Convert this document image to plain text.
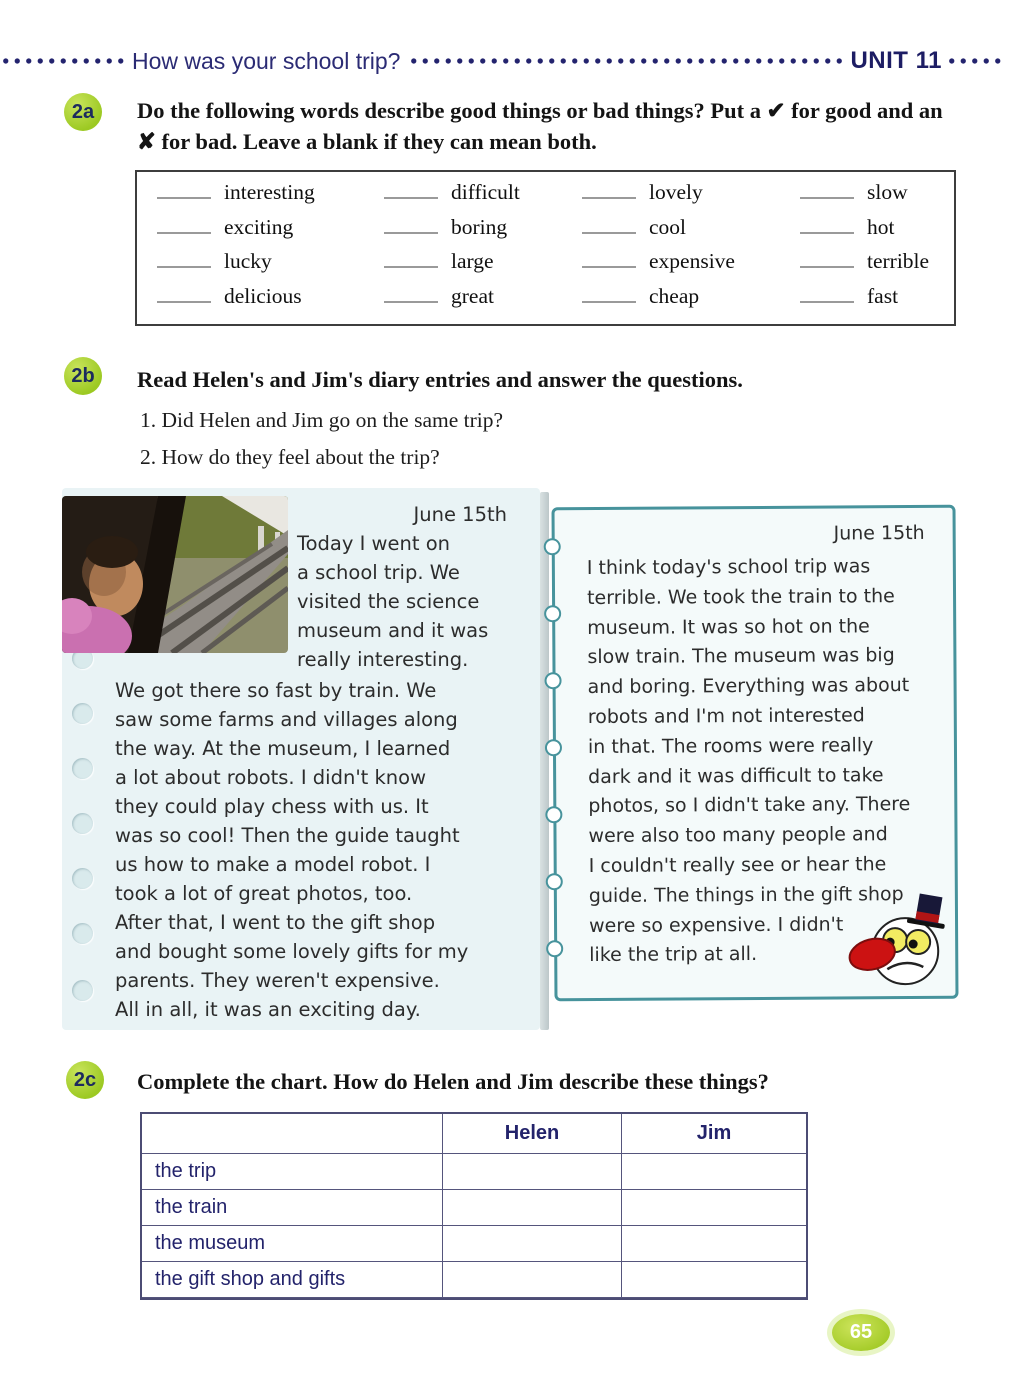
How was your school trip?	UNIT 11
2a	Do the following words describe good things or bad things? Put a ✔ for good and an ✘ for bad. Leave a blank if they can mean both.
interesting	difficult	lovely	slow
exciting	boring	cool	hot
lucky	large	expensive	terrible
delicious	great	cheap	fast
2b	Read Helen's and Jim's diary entries and answer the questions.
1. Did Helen and Jim go on the same trip?
2. How do they feel about the trip?
June 15th
Today I went on
a school trip. We
visited the science
museum and it was
really interesting.
We got there so fast by train. We
saw some farms and villages along
the way. At the museum, I learned
a lot about robots. I didn't know
they could play chess with us. It
was so cool! Then the guide taught
us how to make a model robot. I
took a lot of great photos, too.
After that, I went to the gift shop
and bought some lovely gifts for my
parents. They weren't expensive.
All in all, it was an exciting day.
June 15th
I think today's school trip was
terrible. We took the train to the
museum. It was so hot on the
slow train. The museum was big
and boring. Everything was about
robots and I'm not interested
in that. The rooms were really
dark and it was difficult to take
photos, so I didn't take any. There
were also too many people and
I couldn't really see or hear the
guide. The things in the gift shop
were so expensive. I didn't
like the trip at all.
2c	Complete the chart. How do Helen and Jim describe these things?
Helen	Jim
the trip
the train
the museum
the gift shop and gifts
65
